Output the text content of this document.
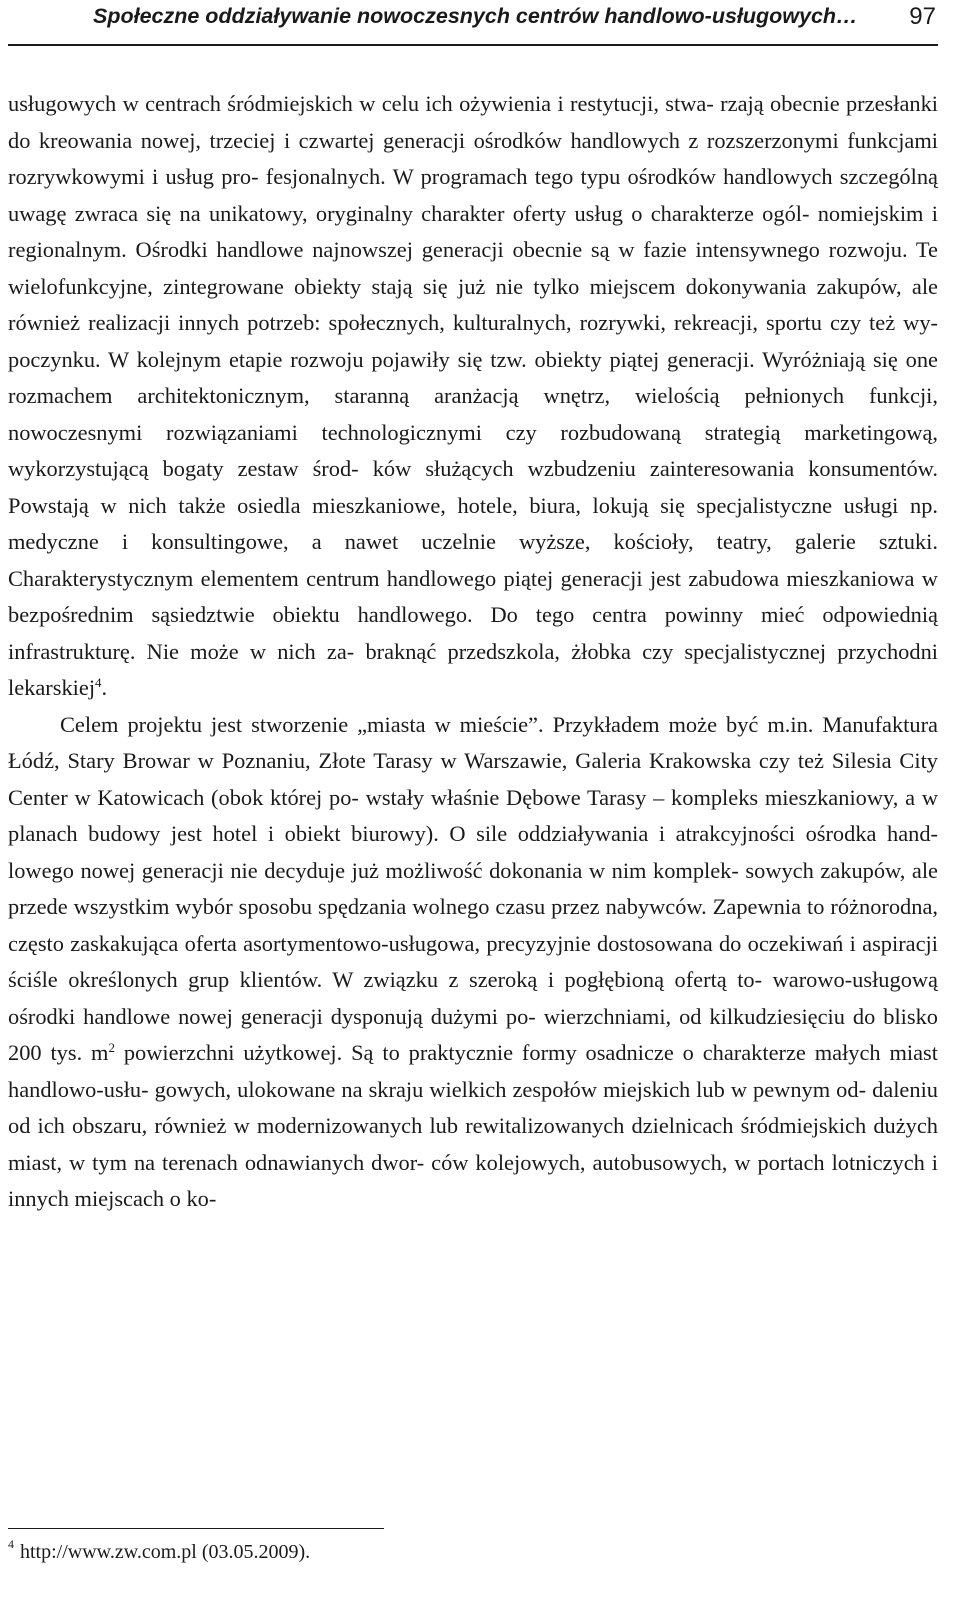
Społeczne oddziaływanie nowoczesnych centrów handlowo-usługowych… 97

usługowych w centrach śródmiejskich w celu ich ożywienia i restytucji, stwa- rzają obecnie przesłanki do kreowania nowej, trzeciej i czwartej generacji ośrodków handlowych z rozszerzonymi funkcjami rozrywkowymi i usług pro- fesjonalnych. W programach tego typu ośrodków handlowych szczególną uwagę zwraca się na unikatowy, oryginalny charakter oferty usług o charakterze ogól- nomiejskim i regionalnym. Ośrodki handlowe najnowszej generacji obecnie są w fazie intensywnego rozwoju. Te wielofunkcyjne, zintegrowane obiekty stają się już nie tylko miejscem dokonywania zakupów, ale również realizacji innych potrzeb: społecznych, kulturalnych, rozrywki, rekreacji, sportu czy też wy- poczynku. W kolejnym etapie rozwoju pojawiły się tzw. obiekty piątej generacji. Wyróżniają się one rozmachem architektonicznym, staranną aranżacją wnętrz, wielością pełnionych funkcji, nowoczesnymi rozwiązaniami technologicznymi czy rozbudowaną strategią marketingową, wykorzystującą bogaty zestaw środ- ków służących wzbudzeniu zainteresowania konsumentów. Powstają w nich także osiedla mieszkaniowe, hotele, biura, lokują się specjalistyczne usługi np. medyczne i konsultingowe, a nawet uczelnie wyższe, kościoły, teatry, galerie sztuki. Charakterystycznym elementem centrum handlowego piątej generacji jest zabudowa mieszkaniowa w bezpośrednim sąsiedztwie obiektu handlowego. Do tego centra powinny mieć odpowiednią infrastrukturę. Nie może w nich za- braknąć przedszkola, żłobka czy specjalistycznej przychodni lekarskiej$^4$.

Celem projektu jest stworzenie „miasta w mieście”. Przykładem może być m.in. Manufaktura Łódź, Stary Browar w Poznaniu, Złote Tarasy w Warszawie, Galeria Krakowska czy też Silesia City Center w Katowicach (obok której po- wstały właśnie Dębowe Tarasy – kompleks mieszkaniowy, a w planach budowy jest hotel i obiekt biurowy). O sile oddziaływania i atrakcyjności ośrodka hand- lowego nowej generacji nie decyduje już możliwość dokonania w nim komplek- sowych zakupów, ale przede wszystkim wybór sposobu spędzania wolnego czasu przez nabywców. Zapewnia to różnorodna, często zaskakująca oferta asortymentowo-usługowa, precyzyjnie dostosowana do oczekiwań i aspiracji ściśle określonych grup klientów. W związku z szeroką i pogłębioną ofertą to- warowo-usługową ośrodki handlowe nowej generacji dysponują dużymi po- wierzchniami, od kilkudziesięciu do blisko 200 tys. $m^2$ powierzchni użytkowej. Są to praktycznie formy osadnicze o charakterze małych miast handlowo-usłu- gowych, ulokowane na skraju wielkich zespołów miejskich lub w pewnym od- daleniu od ich obszaru, również w modernizowanych lub rewitalizowanych dzielnicach śródmiejskich dużych miast, w tym na terenach odnawianych dwor- ców kolejowych, autobusowych, w portach lotniczych i innych miejscach o ko-

$^4$ http://www.zw.com.pl (03.05.2009).
